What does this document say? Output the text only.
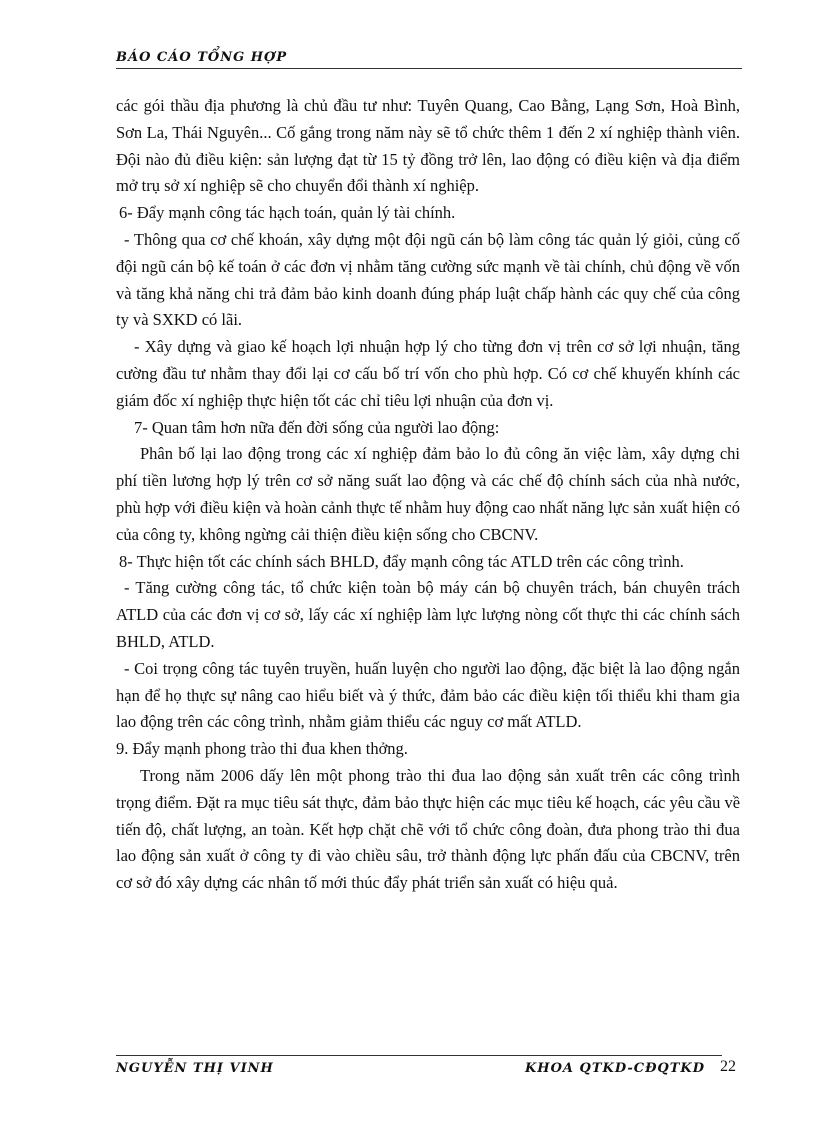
BÁO CÁO TỔNG HỢP

các gói thầu địa phương là chủ đầu tư như: Tuyên Quang, Cao Bằng, Lạng Sơn, Hoà Bình, Sơn La, Thái Nguyên... Cố gắng trong năm này sẽ tổ chức thêm 1 đến 2 xí nghiệp thành viên. Đội nào đủ điều kiện: sản lượng đạt từ 15 tỷ đồng trở lên, lao động có điều kiện và địa điểm mở trụ sở xí nghiệp sẽ cho chuyển đổi thành xí nghiệp.

6- Đẩy mạnh công tác hạch toán, quản lý tài chính.

- Thông qua cơ chế khoán, xây dựng một đội ngũ cán bộ làm công tác quản lý giỏi, củng cố đội ngũ cán bộ kế toán ở các đơn vị nhằm tăng cường sức mạnh về tài chính, chủ động về vốn và tăng khả năng chi trả đảm bảo kinh doanh đúng pháp luật chấp hành các quy chế của công ty và SXKD có lãi.

- Xây dựng và giao kế hoạch lợi nhuận hợp lý cho từng đơn vị trên cơ sở lợi nhuận, tăng cường đầu tư nhằm thay đổi lại cơ cấu bố trí vốn cho phù hợp. Có cơ chế khuyến khính các giám đốc xí nghiệp thực hiện tốt các chỉ tiêu lợi nhuận của đơn vị.

7- Quan tâm hơn nữa đến đời sống của người lao động:

Phân bố lại lao động trong các xí nghiệp đảm bảo lo đủ công ăn việc làm, xây dựng chi phí tiền lương hợp lý trên cơ sở năng suất lao động và các chế độ chính sách của nhà nước, phù hợp với điều kiện và hoàn cảnh thực tế nhằm huy động cao nhất năng lực sản xuất hiện có của công ty, không ngừng cải thiện điều kiện sống cho CBCNV.

8- Thực hiện tốt các chính sách BHLD, đẩy mạnh công tác ATLD trên các công trình.

- Tăng cường công tác, tổ chức kiện toàn bộ máy cán bộ chuyên trách, bán chuyên trách ATLD của các đơn vị cơ sở, lấy các xí nghiệp làm lực lượng nòng cốt thực thi các chính sách BHLD, ATLD.

- Coi trọng công tác tuyên truyền, huấn luyện cho người lao động, đặc biệt là lao động ngắn hạn để họ thực sự nâng cao hiểu biết và ý thức, đảm bảo các điều kiện tối thiểu khi tham gia lao động trên các công trình, nhằm giảm thiểu các nguy cơ mất ATLD.

9. Đẩy mạnh phong trào thi đua khen thởng.

Trong năm 2006 dấy lên một phong trào thi đua lao động sản xuất trên các công trình trọng điểm. Đặt ra mục tiêu sát thực, đảm bảo thực hiện các mục tiêu kế hoạch, các yêu cầu về tiến độ, chất lượng, an toàn. Kết hợp chặt chẽ với tổ chức công đoàn, đưa phong trào thi đua lao động sản xuất ở công ty đi vào chiều sâu, trở thành động lực phấn đấu của CBCNV, trên cơ sở đó xây dựng các nhân tố mới thúc đẩy phát triển sản xuất có hiệu quả.

NGUYỄN THỊ VINH	KHOA QTKD-CĐQTKD 22
